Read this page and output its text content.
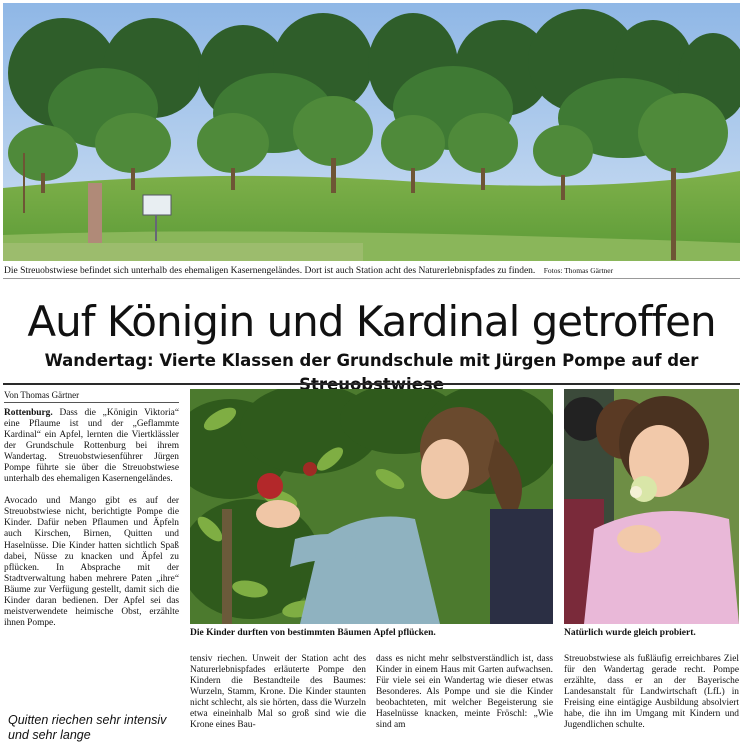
Die Streuobstwiese befindet sich unterhalb des ehemaligen Kasernengeländes. Dort ist auch Station acht des Naturerlebnispfades zu finden. Fotos: Thomas Gärtner
Auf Königin und Kardinal getroffen
Wandertag: Vierte Klassen der Grundschule mit Jürgen Pompe auf der
Von Thomas Gärtner

Rottenburg. Dass die „Königin Viktoria“ eine Pflaume ist und der „Geflammte Kardinal“ ein Apfel, lernten die Viertklässler der Grundschule Rottenburg bei ihrem Wandertag. Streuobstwiesenführer Jürgen Pompe führte sie über die Streuobstwiese unterhalb des ehemaligen Kasernengeländes.

Avocado und Mango gibt es auf der Streuobstwiese nicht, berichtigte Pompe die Kinder. Dafür neben Pflaumen und Äpfeln auch Kirschen, Birnen, Quitten und Haselnüsse. Die Kinder hatten sichtlich Spaß dabei, Nüsse zu knacken und Äpfel zu pflücken. In Absprache mit der Stadtverwaltung haben mehrere Paten „ihre“ Bäume zur Verfügung gestellt, damit sich die Kinder daran bedienen. Der Apfel sei das meistverwendete heimische Obst, erzählte ihnen Pompe.

Quitten riechen sehr intensiv und sehr lange
Die Kinder durften von bestimmten Bäumen Äpfel pflücken.	Natürlich wurde gleich probiert.
tensiv riechen. Unweit der Station acht des Naturerlebnispfades erläuterte Pompe den Kindern die Bestandteile des Baumes: Wurzeln, Stamm, Krone. Die Kinder staunten nicht schlecht, als sie hörten, dass die Wurzeln etwa eineinhalb Mal so groß sind wie die Krone eines Bau-
dass es nicht mehr selbstverständlich ist, dass Kinder in einem Haus mit Garten aufwachsen. Für viele sei ein Wandertag wie dieser etwas Besonderes. Als Pompe und sie die Kinder beobachteten, mit welcher Begeisterung sie Haselnüsse knacken, meinte Fröschl: „Wie sind am
Streuobstwiese als fußläufig erreichbares Ziel für den Wandertag gerade recht. Pompe erzählte, dass er an der Bayerische Landesanstalt für Landwirtschaft (LfL) in Freising eine eintägige Ausbildung absolviert habe, die ihn im Umgang mit Kindern und Jugendlichen schulte.
